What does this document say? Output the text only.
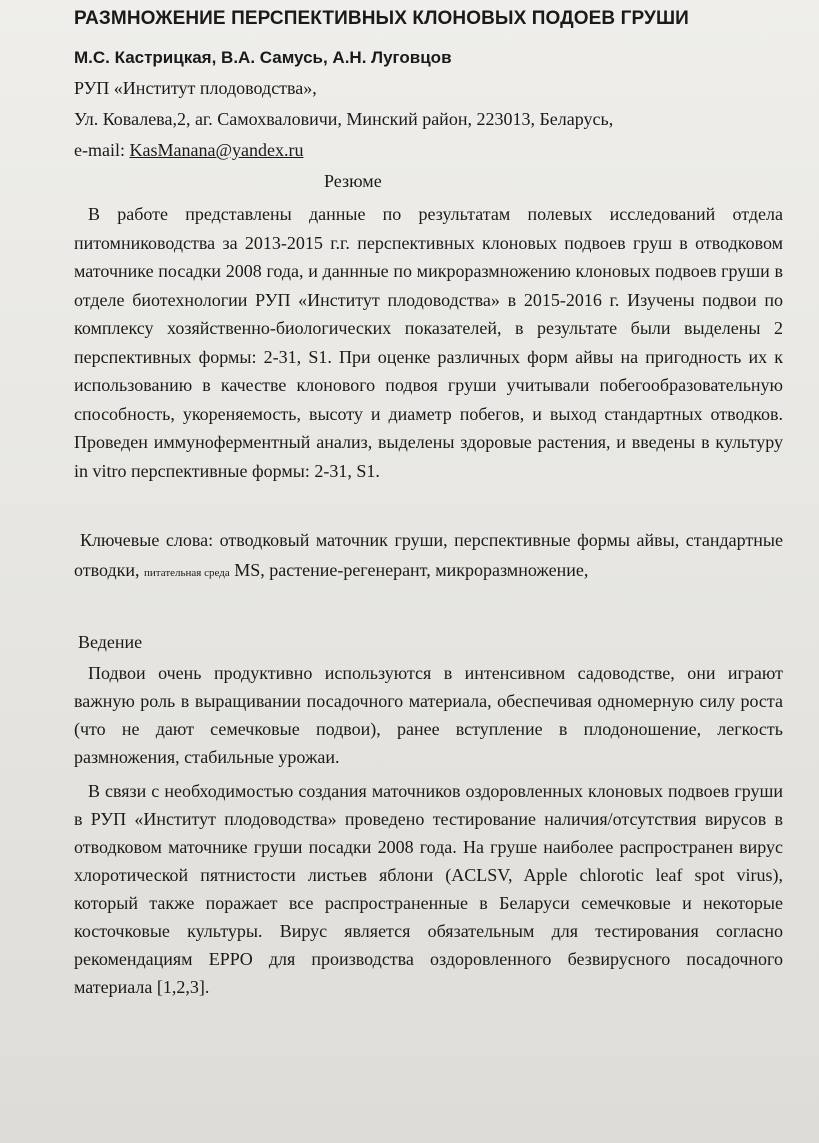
РАЗМНОЖЕНИЕ ПЕРСПЕКТИВНЫХ КЛОНОВЫХ ПОДОЕВ ГРУШИ
М.С. Кастрицкая, В.А. Самусь, А.Н. Луговцов
РУП «Институт плодоводства»,
Ул. Ковалева,2, аг. Самохваловичи, Минский район, 223013, Беларусь,
e-mail: KasManana@yandex.ru
Резюме

В работе представлены данные по результатам полевых исследований отдела питомниководства за 2013-2015 г.г. перспективных клоновых подвоев груш в отводковом маточнике посадки 2008 года, и даннные по микроразмножению клоновых подвоев груши в отделе биотехнологии РУП «Институт плодоводства» в 2015-2016 г. Изучены подвои по комплексу хозяйственно-биологических показателей, в результате были выделены 2 перспективных формы: 2-31, S1. При оценке различных форм айвы на пригодность их к использованию в качестве клонового подвоя груши учитывали побегообразовательную способность, укореняемость, высоту и диаметр побегов, и выход стандартных отводков. Проведен иммуноферментный анализ, выделены здоровые растения, и введены в культуру in vitro перспективные формы: 2-31, S1.

Ключевые слова: отводковый маточник груши, перспективные формы айвы, стандартные отводки, питательная среда MS, растение-регенерант, микроразмножение,

Ведение

Подвои очень продуктивно используются в интенсивном садоводстве, они играют важную роль в выращивании посадочного материала, обеспечивая одномерную силу роста (что не дают семечковые подвои), ранее вступление в плодоношение, легкость размножения, стабильные урожаи.

В связи с необходимостью создания маточников оздоровленных клоновых подвоев груши в РУП «Институт плодоводства» проведено тестирование наличия/отсутствия вирусов в отводковом маточнике груши посадки 2008 года. На груше наиболее распространен вирус хлоротической пятнистости листьев яблони (ACLSV, Apple chlorotic leaf spot virus), который также поражает все распространенные в Беларуси семечковые и некоторые косточковые культуры. Вирус является обязательным для тестирования согласно рекомендациям EPPO для производства оздоровленного безвирусного посадочного материала [1,2,3].
